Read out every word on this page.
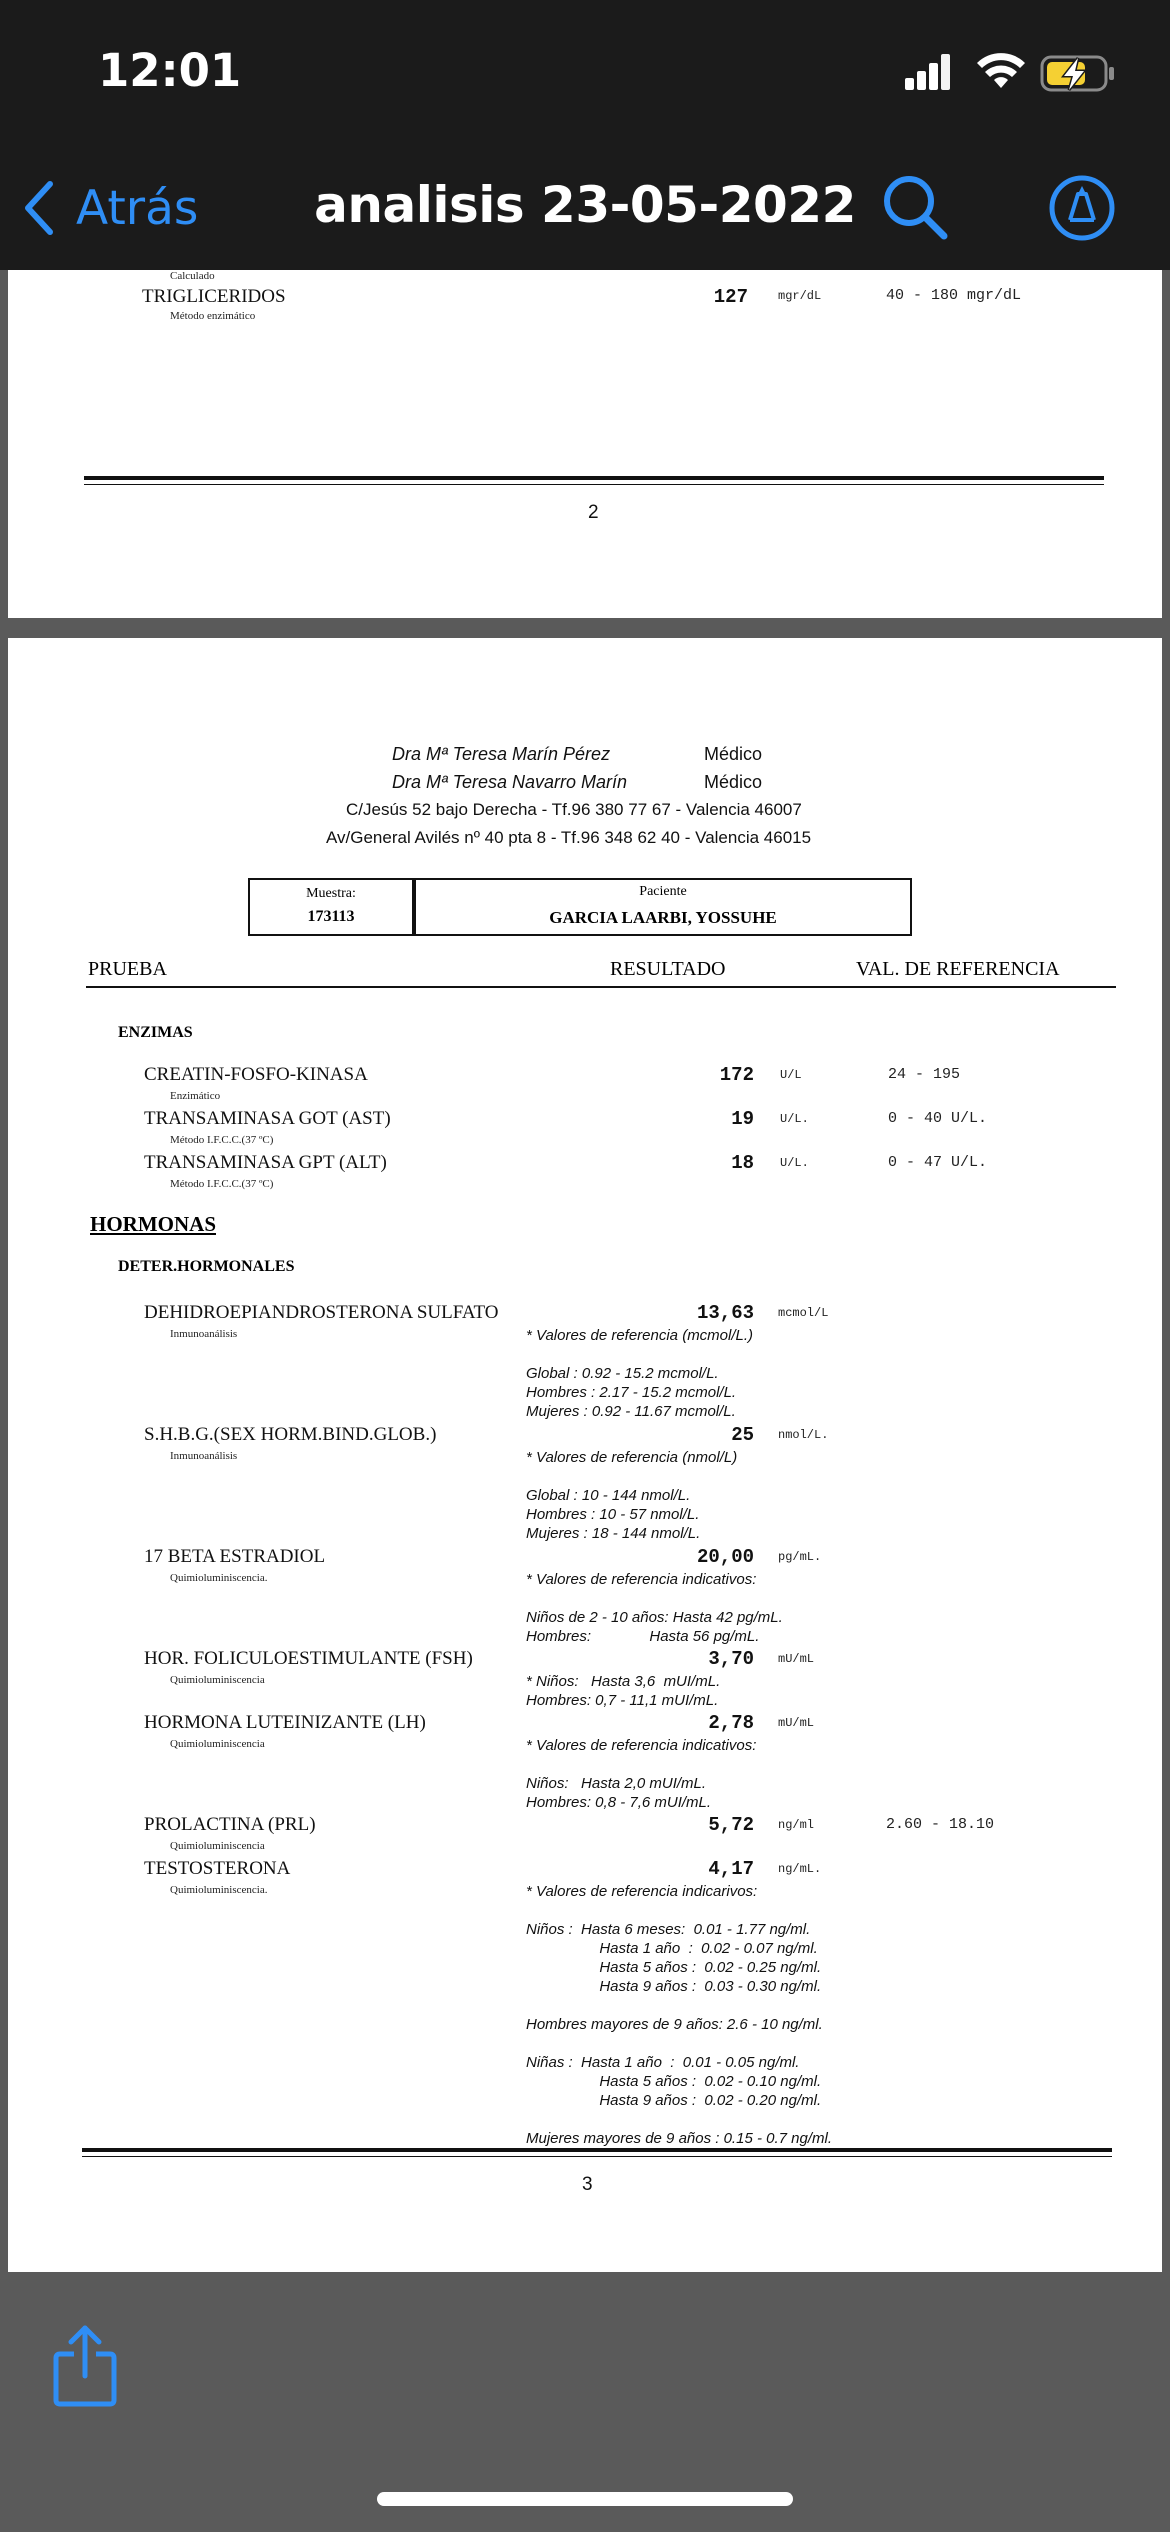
12:01
Atrás analisis 23-05-2022
Calculado
TRIGLICERIDOS
Método enzimático
127	mgr/dL	40 - 180 mgr/dL
2
Dra Mª Teresa Marín Pérez	Médico
Dra Mª Teresa Navarro Marín	Médico
C/Jesús 52 bajo Derecha - Tf.96 380 77 67 - Valencia 46007
Av/General Avilés nº 40 pta 8 - Tf.96 348 62 40 - Valencia 46015
Muestra:
173113
Paciente
GARCIA LAARBI, YOSSUHE
PRUEBA	RESULTADO	VAL. DE REFERENCIA
ENZIMAS
CREATIN-FOSFO-KINASA
Enzimático
172 U/L	24 - 195
TRANSAMINASA GOT (AST)
Método I.F.C.C.(37 ºC)
19 U/L.	0 - 40 U/L.
TRANSAMINASA GPT (ALT)
Método I.F.C.C.(37 ºC)
18 U/L.	0 - 47 U/L.
HORMONAS
DETER.HORMONALES
DEHIDROEPIANDROSTERONA SULFATO
Inmunoanálisis
13,63 mcmol/L
* Valores de referencia (mcmol/L.)
Global : 0.92 - 15.2 mcmol/L.
Hombres : 2.17 - 15.2 mcmol/L.
Mujeres : 0.92 - 11.67 mcmol/L.
S.H.B.G.(SEX HORM.BIND.GLOB.)
Inmunoanálisis
25 nmol/L.
* Valores de referencia (nmol/L)
Global : 10 - 144 nmol/L.
Hombres : 10 - 57 nmol/L.
Mujeres : 18 - 144 nmol/L.
17 BETA ESTRADIOL
Quimioluminiscencia.
20,00 pg/mL.
* Valores de referencia indicativos:
Niños de 2 - 10 años: Hasta 42 pg/mL.
Hombres:              Hasta 56 pg/mL.
HOR. FOLICULOESTIMULANTE (FSH)
Quimioluminiscencia
3,70 mU/mL
* Niños:   Hasta 3,6  mUI/mL.
Hombres: 0,7 - 11,1 mUI/mL.
HORMONA LUTEINIZANTE (LH)
Quimioluminiscencia
2,78 mU/mL
* Valores de referencia indicativos:
Niños:   Hasta 2,0 mUI/mL.
Hombres: 0,8 - 7,6 mUI/mL.
PROLACTINA (PRL)
Quimioluminiscencia
5,72 ng/ml	2.60 - 18.10
TESTOSTERONA
Quimioluminiscencia.
4,17 ng/mL.
* Valores de referencia indicarivos:
Niños :  Hasta 6 meses:  0.01 - 1.77 ng/ml.
Hasta 1 año  :  0.02 - 0.07 ng/ml.
Hasta 5 años :  0.02 - 0.25 ng/ml.
Hasta 9 años :  0.03 - 0.30 ng/ml.
Hombres mayores de 9 años: 2.6 - 10 ng/ml.
Niñas :  Hasta 1 año  :  0.01 - 0.05 ng/ml.
Hasta 5 años :  0.02 - 0.10 ng/ml.
Hasta 9 años :  0.02 - 0.20 ng/ml.
Mujeres mayores de 9 años : 0.15 - 0.7 ng/ml.
3
